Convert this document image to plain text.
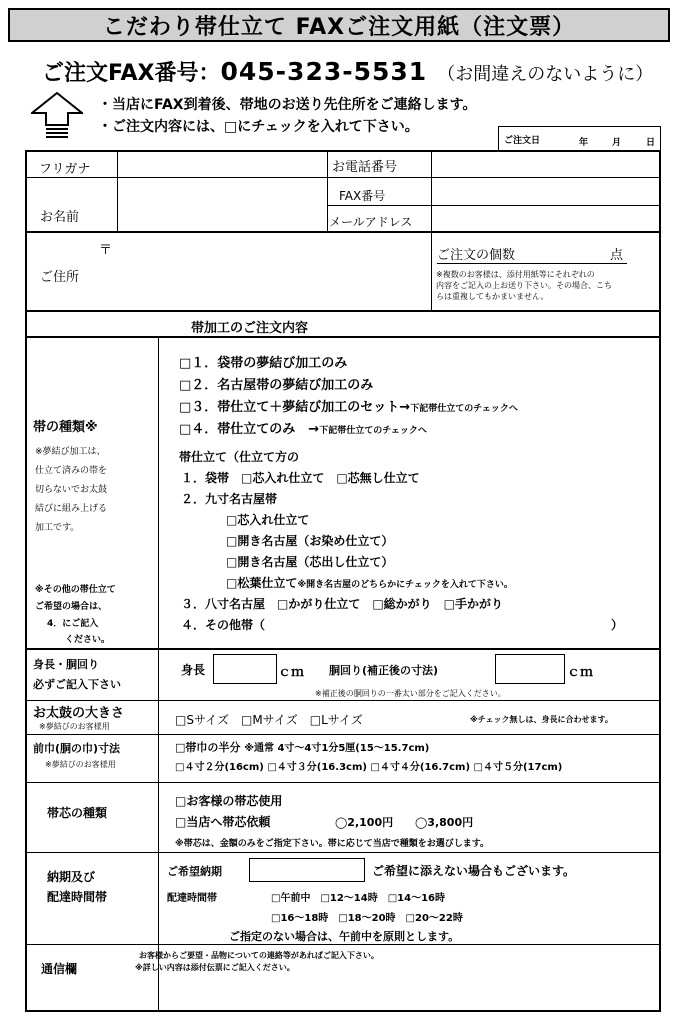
こだわり帯仕立て FAXご注文用紙（注文票）
ご注文FAX番号：045-323-5531 （お間違えのないように）
・当店にFAX到着後、帯地のお送り先住所をご連絡します。
・ご注文内容には、□にチェックを入れて下さい。
ご注文日	年	月	日
フリガナ
お名前
お電話番号
FAX番号
メールアドレス
〒
ご住所
ご注文の個数	点
※複数のお客様は、添付用紙等にそれぞれの
内容をご記入の上お送り下さい。その場合、こち
らは重複してもかまいません。
帯加工のご注文内容
帯の種類※
※夢結び加工は、
仕立て済みの帯を
切らないでお太鼓
結びに組み上げる
加工です。
※その他の帯仕立て
ご希望の場合は、
4．にご記入
ください。
□１．袋帯の夢結び加工のみ
□２．名古屋帯の夢結び加工のみ
□３．帯仕立て＋夢結び加工のセット→下記帯仕立てのチェックへ
□４．帯仕立てのみ　→下記帯仕立てのチェックへ
帯仕立て（仕立て方の
１．袋帯　□芯入れ仕立て　□芯無し仕立て
２．九寸名古屋帯
□芯入れ仕立て
□開き名古屋（お染め仕立て）
□開き名古屋（芯出し仕立て）
□松葉仕立て※開き名古屋のどちらかにチェックを入れて下さい。
３．八寸名古屋　□かがり仕立て　□総かがり　□手かがり
４．その他帯（	）
身長・胴回り
必ずご記入下さい
身長	ｃｍ 胴回り(補正後の寸法)	ｃｍ
※補正後の胴回りの一番太い部分をご記入ください。
お太鼓の大きさ
※夢結びのお客様用	□Sサイズ　□Mサイズ　□Lサイズ	※チェック無しは、身長に合わせます。
前巾(胴の巾)寸法
※夢結びのお客様用
□帯巾の半分 ※通常 4寸～4寸1分5厘(15～15.7cm)
□４寸２分(16cm) □４寸３分(16.3cm) □４寸４分(16.7cm) □４寸５分(17cm)
帯芯の種類
□お客様の帯芯使用
□当店へ帯芯依頼	◯2,100円 ◯3,800円
※帯芯は、金額のみをご指定下さい。帯に応じて当店で種類をお選びします。
納期及び
配達時間帯
ご希望納期	ご希望に添えない場合もございます。
配達時間帯	□午前中　□12～14時　□14～16時
□16～18時　□18～20時　□20～22時
ご指定のない場合は、午前中を原則とします。
通信欄
お客様からご要望・品物についての連絡等があればご記入下さい。
※詳しい内容は添付伝票にご記入ください。
